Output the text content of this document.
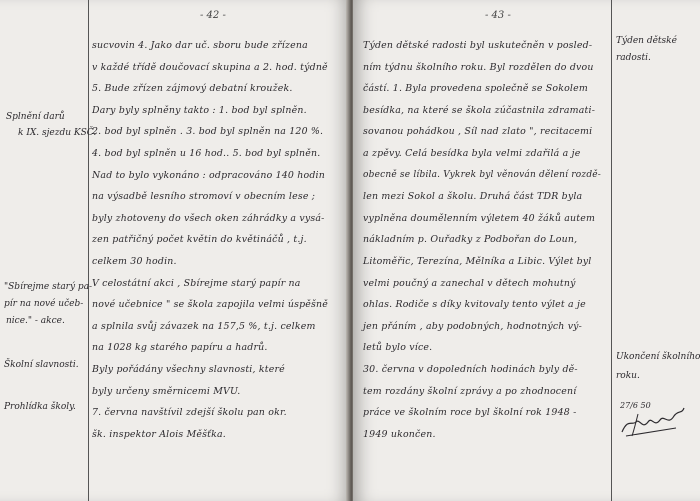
- 42 -
sucvovin 4. Jako dar uč. sboru bude zřízena
v každé třídě doučovací skupina a 2. hod. týdně
5. Bude zřízen zájmový debatní kroužek.
Dary byly splněny takto : 1. bod byl splněn.
2. bod byl splněn . 3. bod byl splněn na 120 %.
4. bod byl splněn u 16 hod.. 5. bod byl splněn.
Nad to bylo vykonáno : odpracováno 140 hodin
na výsadbě lesního stromoví v obecním lese ;
byly zhotoveny do všech oken záhrádky a vysá-
zen patřičný počet květin do květináčů , t.j.
celkem 30 hodin.
V celostátní akci , Sbírejme starý papír na
nové učebnice " se škola zapojila velmi úspěšně
a splnila svůj závazek na 157,5 %, t.j. celkem
na 1028 kg starého papíru a hadrů.
Byly pořádány všechny slavnosti, které
byly určeny směrnicemi MVU.
7. června navštívil zdejší školu pan okr.
šk. inspektor Alois Měšťka.
Splnění darů
k IX. sjezdu KSČ.
"Sbírejme starý pa-
pír na nové učeb-
nice." - akce.
Školní slavnosti.
Prohlídka školy.
- 43 -
Týden dětské radosti byl uskutečněn v posled-
ním týdnu školního roku. Byl rozdělen do dvou
částí. 1. Byla provedena společně se Sokolem
besídka, na které se škola zúčastnila zdramati-
sovanou pohádkou , Síl nad zlato ", recitacemi
a zpěvy. Celá besídka byla velmi zdařilá a je
obecně se líbila. Vykrek byl věnován dělení rozdě-
len mezi Sokol a školu. Druhá část TDR byla
vyplněna doumělenním výletem 40 žáků autem
nákladním p. Ouřadky z Podbořan do Loun,
Litoměřic, Terezína, Mělníka a Libic. Výlet byl
velmi poučný a zanechal v dětech mohutný
ohlas. Rodiče s díky kvitovaly tento výlet a je
jen přáním , aby podobných, hodnotných vý-
letů bylo více.
30. června v dopoledních hodinách byly dě-
tem rozdány školní zprávy a po zhodnocení
práce ve školním roce byl školní rok 1948 -
1949 ukončen.
Týden dětské
radosti.
Ukončení školního
roku.
27/6 50
